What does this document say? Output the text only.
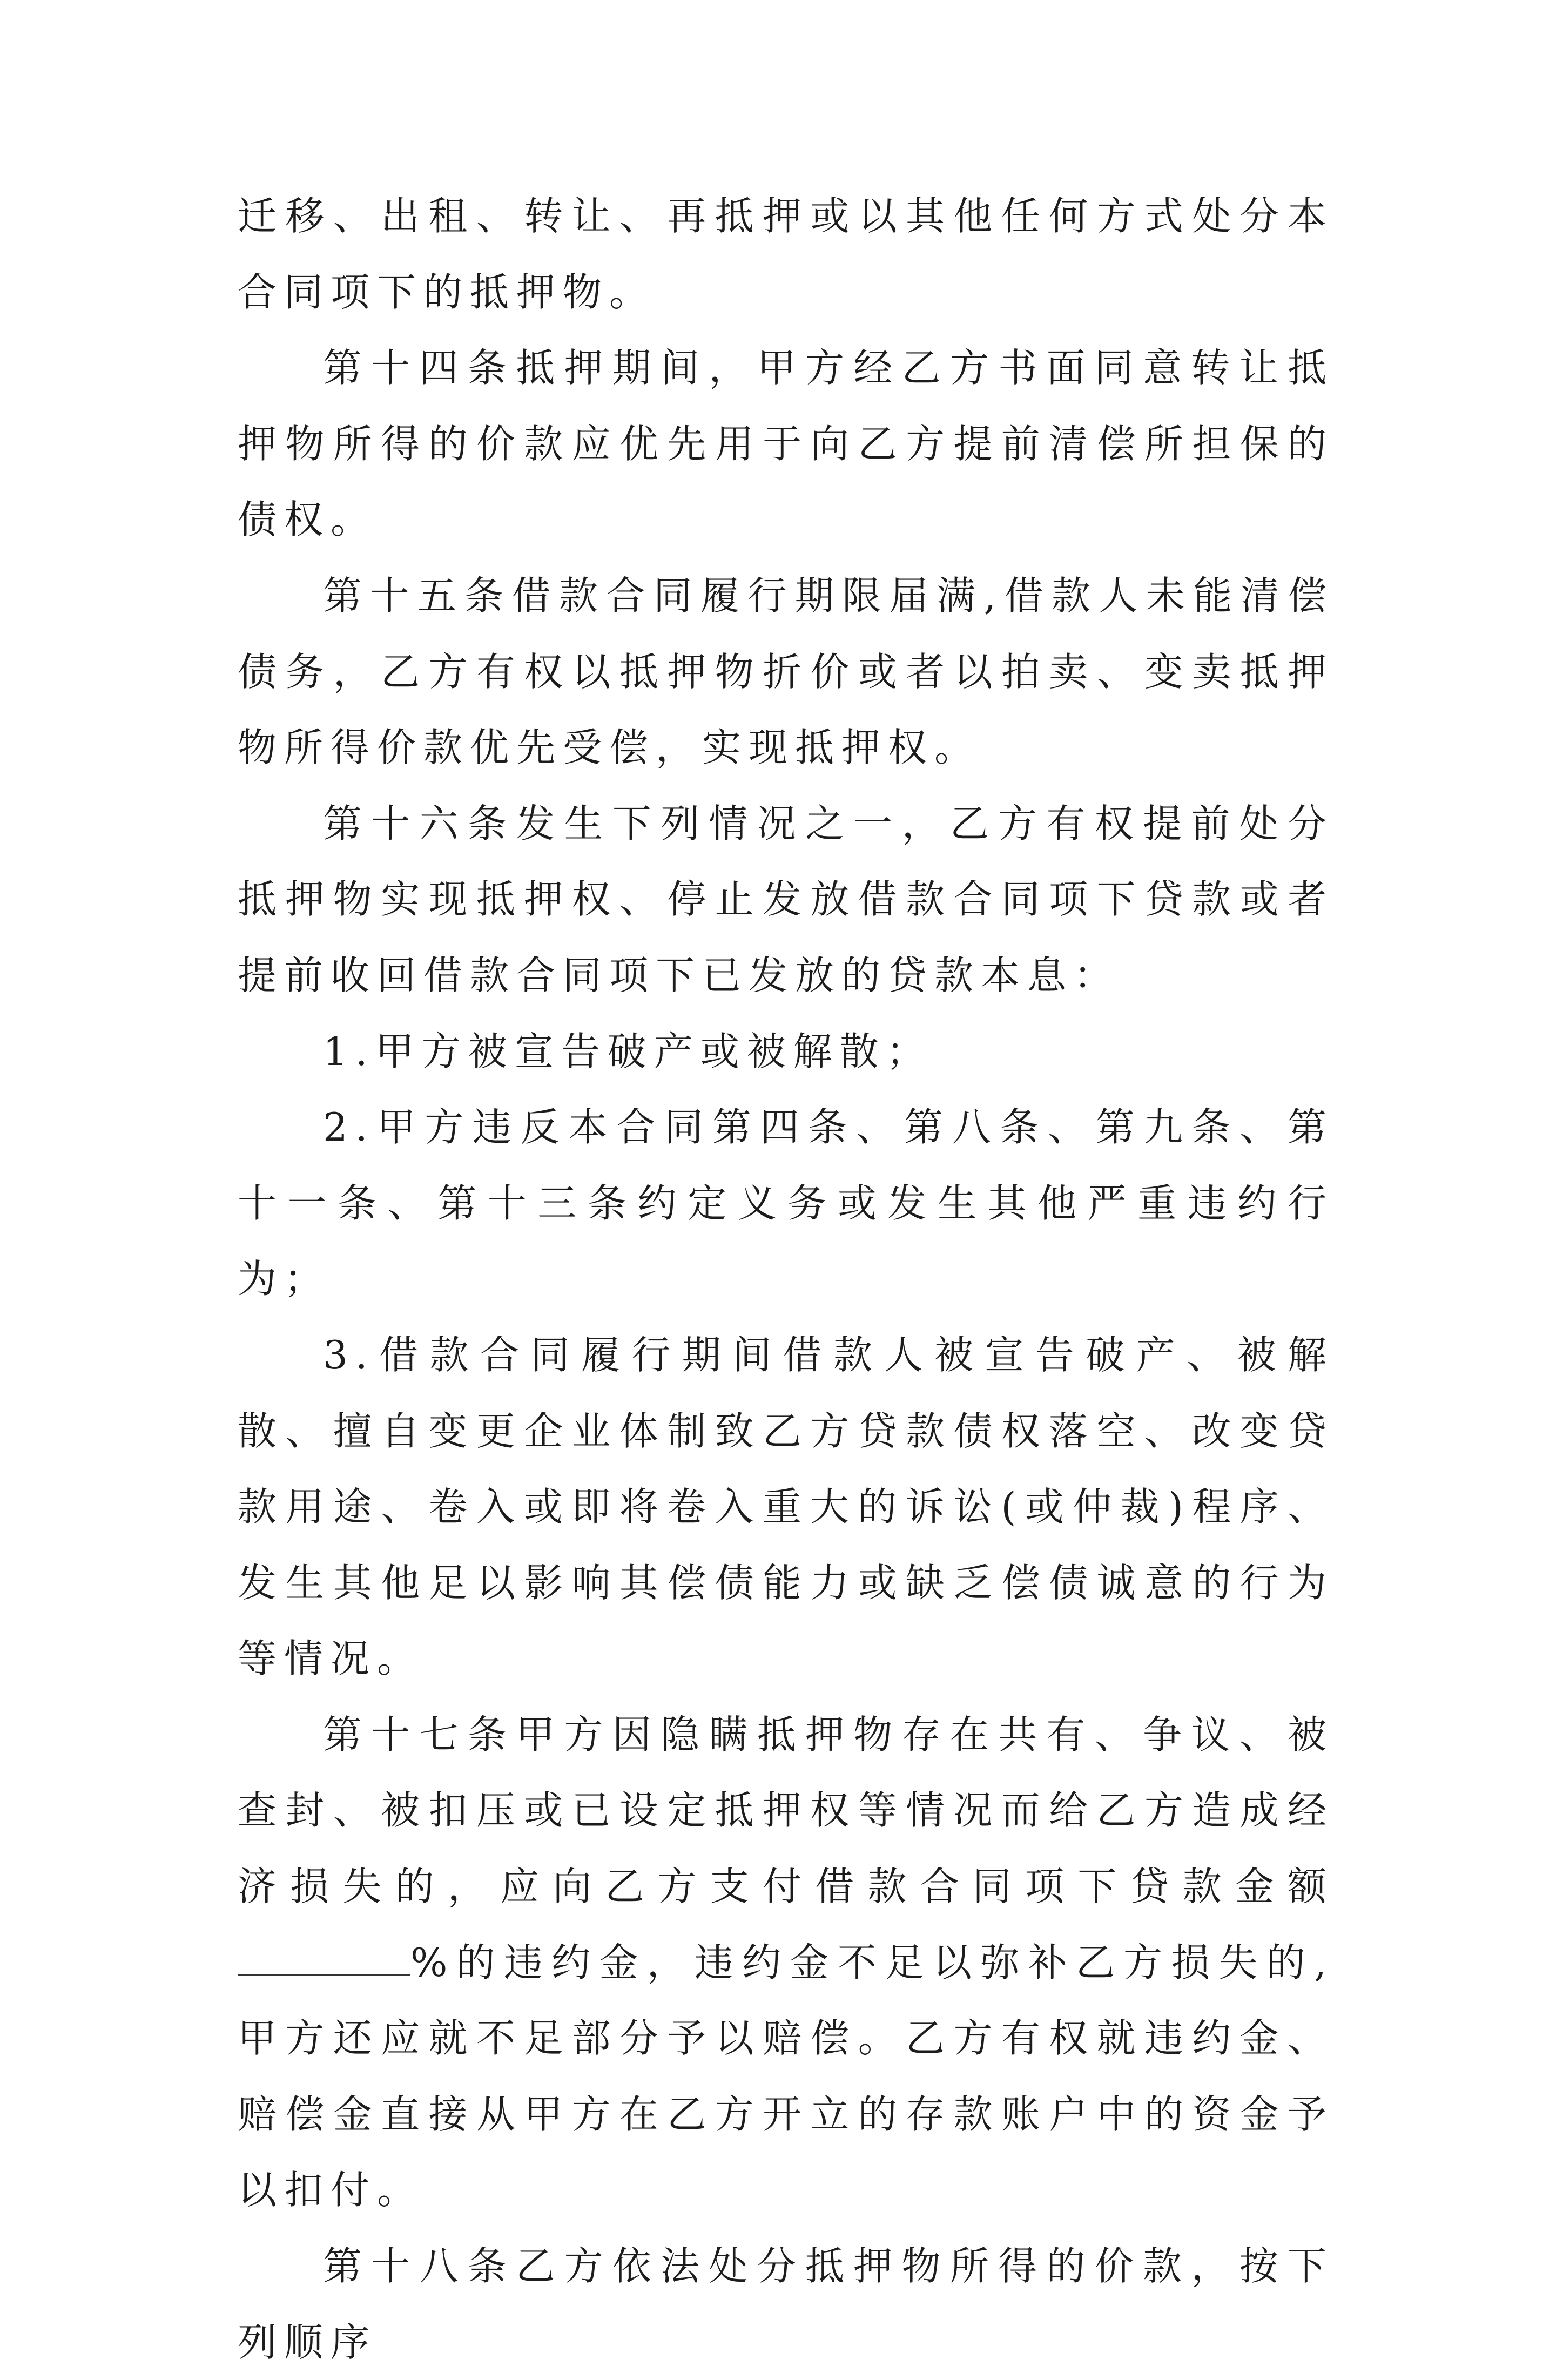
迁移、出租、转让、再抵押或以其他任何方式处分本合同项下的抵押物。

第十四条抵押期间，甲方经乙方书面同意转让抵押物所得的价款应优先用于向乙方提前清偿所担保的债权。

第十五条借款合同履行期限届满,借款人未能清偿债务，乙方有权以抵押物折价或者以拍卖、变卖抵押物所得价款优先受偿，实现抵押权。

第十六条发生下列情况之一，乙方有权提前处分抵押物实现抵押权、停止发放借款合同项下贷款或者提前收回借款合同项下已发放的贷款本息：

1.甲方被宣告破产或被解散；

2.甲方违反本合同第四条、第八条、第九条、第十一条、第十三条约定义务或发生其他严重违约行为；

3.借款合同履行期间借款人被宣告破产、被解散、擅自变更企业体制致乙方贷款债权落空、改变贷款用途、卷入或即将卷入重大的诉讼(或仲裁)程序、发生其他足以影响其偿债能力或缺乏偿债诚意的行为等情况。

第十七条甲方因隐瞒抵押物存在共有、争议、被查封、被扣压或已设定抵押权等情况而给乙方造成经济损失的，应向乙方支付借款合同项下贷款金额%的违约金，违约金不足以弥补乙方损失的,甲方还应就不足部分予以赔偿。乙方有权就违约金、赔偿金直接从甲方在乙方开立的存款账户中的资金予以扣付。

第十八条乙方依法处分抵押物所得的价款，按下列顺序
